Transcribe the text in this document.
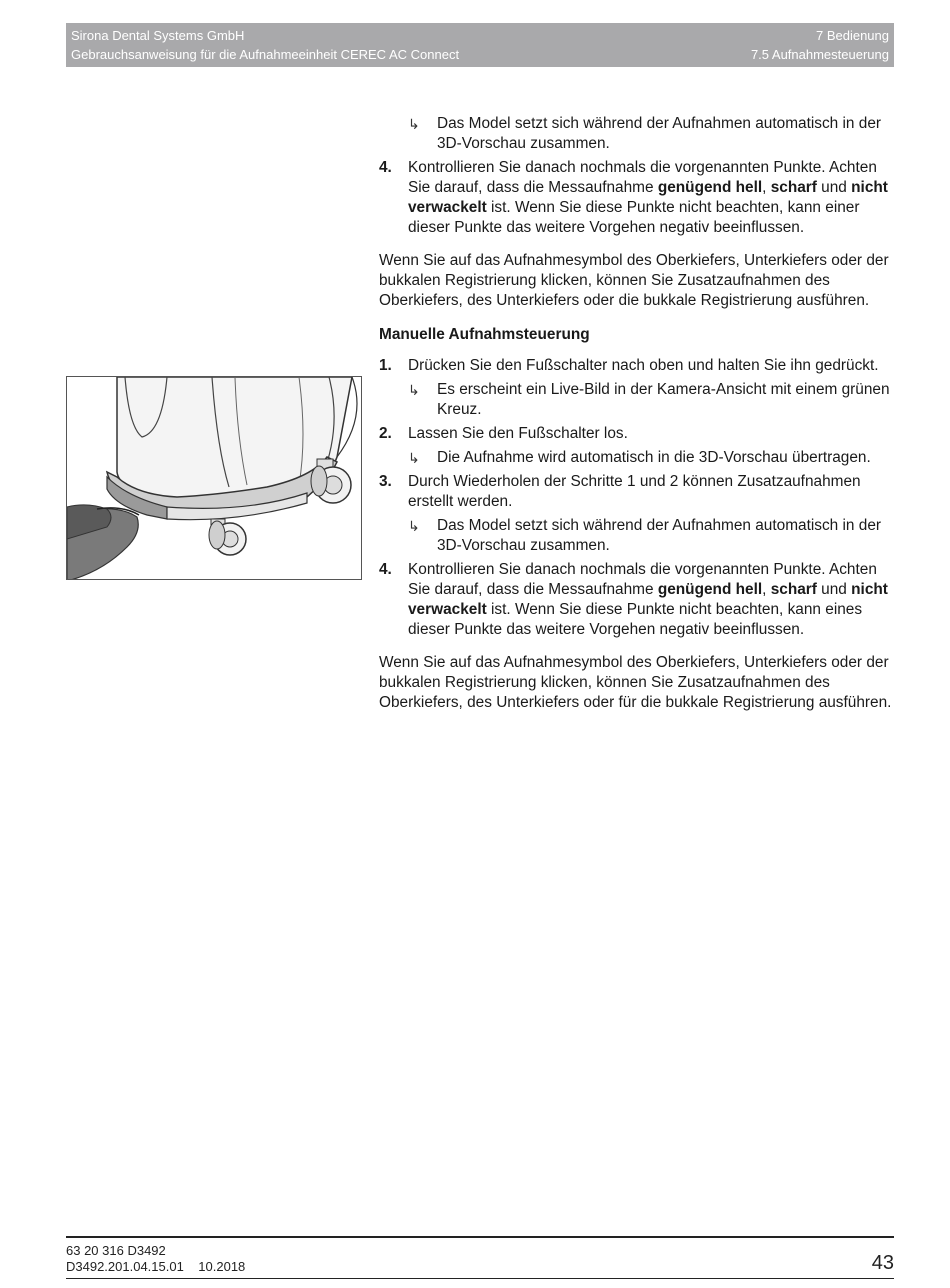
Sirona Dental Systems GmbH
Gebrauchsanweisung für die Aufnahmeeinheit CEREC AC Connect
7 Bedienung
7.5 Aufnahmesteuerung

↳ Das Model setzt sich während der Aufnahmen automatisch in der 3D-Vorschau zusammen.

4. Kontrollieren Sie danach nochmals die vorgenannten Punkte. Achten Sie darauf, dass die Messaufnahme genügend hell, scharf und nicht verwackelt ist. Wenn Sie diese Punkte nicht beachten, kann einer dieser Punkte das weitere Vorgehen negativ beeinflussen.

Wenn Sie auf das Aufnahmesymbol des Oberkiefers, Unterkiefers oder der bukkalen Registrierung klicken, können Sie Zusatzaufnahmen des Oberkiefers, des Unterkiefers oder die bukkale Registrierung ausführen.

Manuelle Aufnahmsteuerung

1. Drücken Sie den Fußschalter nach oben und halten Sie ihn gedrückt.

↳ Es erscheint ein Live-Bild in der Kamera-Ansicht mit einem grünen Kreuz.

2. Lassen Sie den Fußschalter los.

↳ Die Aufnahme wird automatisch in die 3D-Vorschau übertragen.

3. Durch Wiederholen der Schritte 1 und 2 können Zusatzaufnahmen erstellt werden.

↳ Das Model setzt sich während der Aufnahmen automatisch in der 3D-Vorschau zusammen.

4. Kontrollieren Sie danach nochmals die vorgenannten Punkte. Achten Sie darauf, dass die Messaufnahme genügend hell, scharf und nicht verwackelt ist. Wenn Sie diese Punkte nicht beachten, kann eines dieser Punkte das weitere Vorgehen negativ beeinflussen.

Wenn Sie auf das Aufnahmesymbol des Oberkiefers, Unterkiefers oder der bukkalen Registrierung klicken, können Sie Zusatzaufnahmen des Oberkiefers, des Unterkiefers oder für die bukkale Registrierung ausführen.

63 20 316 D3492
D3492.201.04.15.01 10.2018	43
